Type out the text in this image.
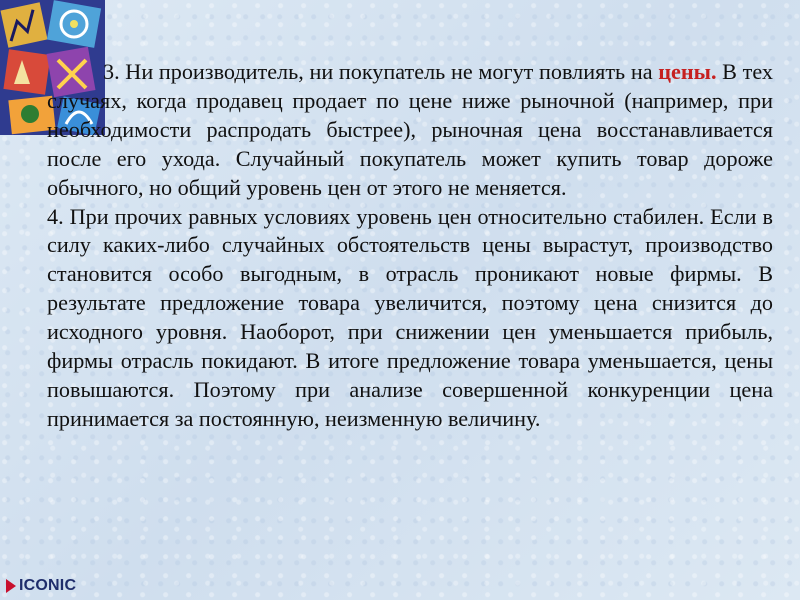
3. Ни производитель, ни покупатель не могут повлиять на цены. В тех случаях, когда продавец продает по цене ниже рыночной (например, при необходимости распродать быстрее), рыночная цена восстанавливается после его ухода. Случайный покупатель может купить товар дороже обычного, но общий уровень цен от этого не меняется.

4. При прочих равных условиях уровень цен относительно стабилен. Если в силу каких-либо случайных обстоятельств цены вырастут, производство становится особо выгодным, в отрасль проникают новые фирмы. В результате предложение товара увеличится, поэтому цена снизится до исходного уровня. Наоборот, при снижении цен уменьшается прибыль, фирмы отрасль покидают. В итоге предложение товара уменьшается, цены повышаются. Поэтому при анализе совершенной конкуренции цена принимается за постоянную, неизменную величину.

ICONIC
